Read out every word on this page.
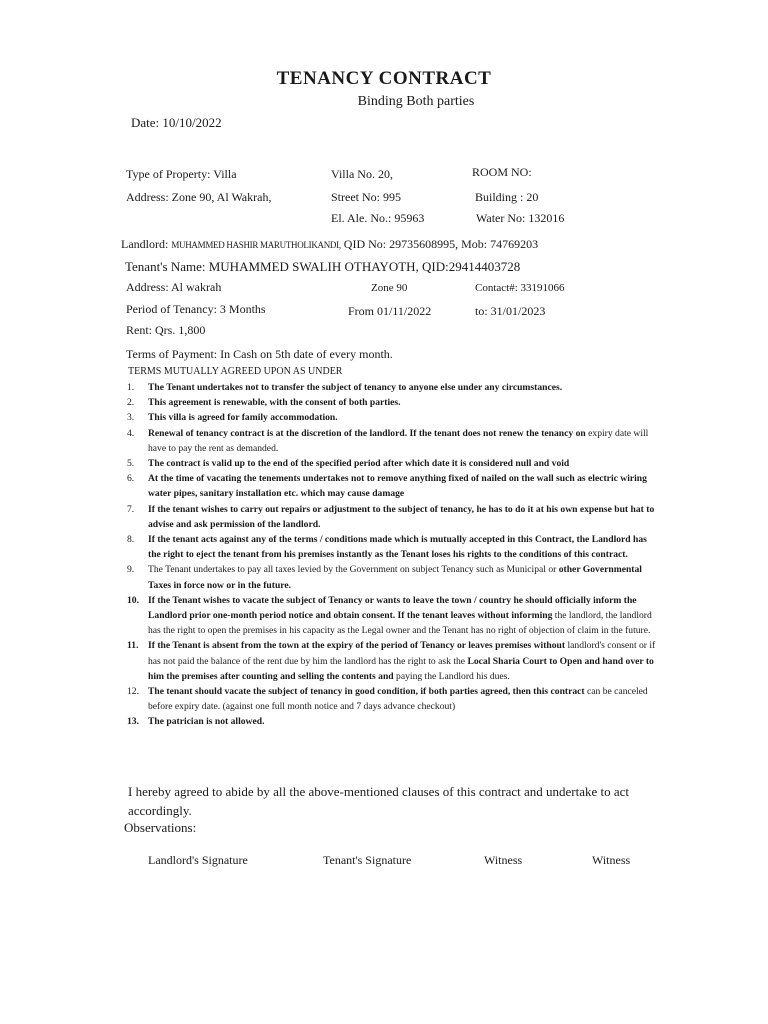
TENANCY CONTRACT
Binding Both parties
Date: 10/10/2022
Type of Property: Villa	Villa No. 20,	ROOM NO:
Address: Zone 90, Al Wakrah,	Street No: 995	Building : 20
El. Ale. No.: 95963	Water No: 132016
Landlord: MUHAMMED HASHIR MARUTHOLIKANDI, QID No: 29735608995, Mob: 74769203
Tenant's Name: MUHAMMED SWALIH OTHAYOTH, QID:29414403728
Address: Al wakrah	Zone 90	Contact#: 33191066
Period of Tenancy: 3 Months	From 01/11/2022	to: 31/01/2023
Rent: Qrs. 1,800
Terms of Payment: In Cash on 5th date of every month.
TERMS MUTUALLY AGREED UPON AS UNDER
1. The Tenant undertakes not to transfer the subject of tenancy to anyone else under any circumstances.
2. This agreement is renewable, with the consent of both parties.
3. This villa is agreed for family accommodation.
4. Renewal of tenancy contract is at the discretion of the landlord. If the tenant does not renew the tenancy on expiry date will have to pay the rent as demanded.
5. The contract is valid up to the end of the specified period after which date it is considered null and void
6. At the time of vacating the tenements undertakes not to remove anything fixed of nailed on the wall such as electric wiring water pipes, sanitary installation etc. which may cause damage
7. If the tenant wishes to carry out repairs or adjustment to the subject of tenancy, he has to do it at his own expense but hat to advise and ask permission of the landlord.
8. If the tenant acts against any of the terms / conditions made which is mutually accepted in this Contract, the Landlord has the right to eject the tenant from his premises instantly as the Tenant loses his rights to the conditions of this contract.
9. The Tenant undertakes to pay all taxes levied by the Government on subject Tenancy such as Municipal or other Governmental Taxes in force now or in the future.
10. If the Tenant wishes to vacate the subject of Tenancy or wants to leave the town / country he should officially inform the Landlord prior one-month period notice and obtain consent. If the tenant leaves without informing the landlord, the landlord has the right to open the premises in his capacity as the Legal owner and the Tenant has no right of objection of claim in the future.
11. If the Tenant is absent from the town at the expiry of the period of Tenancy or leaves premises without landlord's consent or if has not paid the balance of the rent due by him the landlord has the right to ask the Local Sharia Court to Open and hand over to him the premises after counting and selling the contents and paying the Landlord his dues.
12. The tenant should vacate the subject of tenancy in good condition, if both parties agreed, then this contract can be canceled before expiry date. (against one full month notice and 7 days advance checkout)
13. The patrician is not allowed.
I hereby agreed to abide by all the above-mentioned clauses of this contract and undertake to act accordingly.
Observations:
Landlord's Signature	Tenant's Signature	Witness	Witness
